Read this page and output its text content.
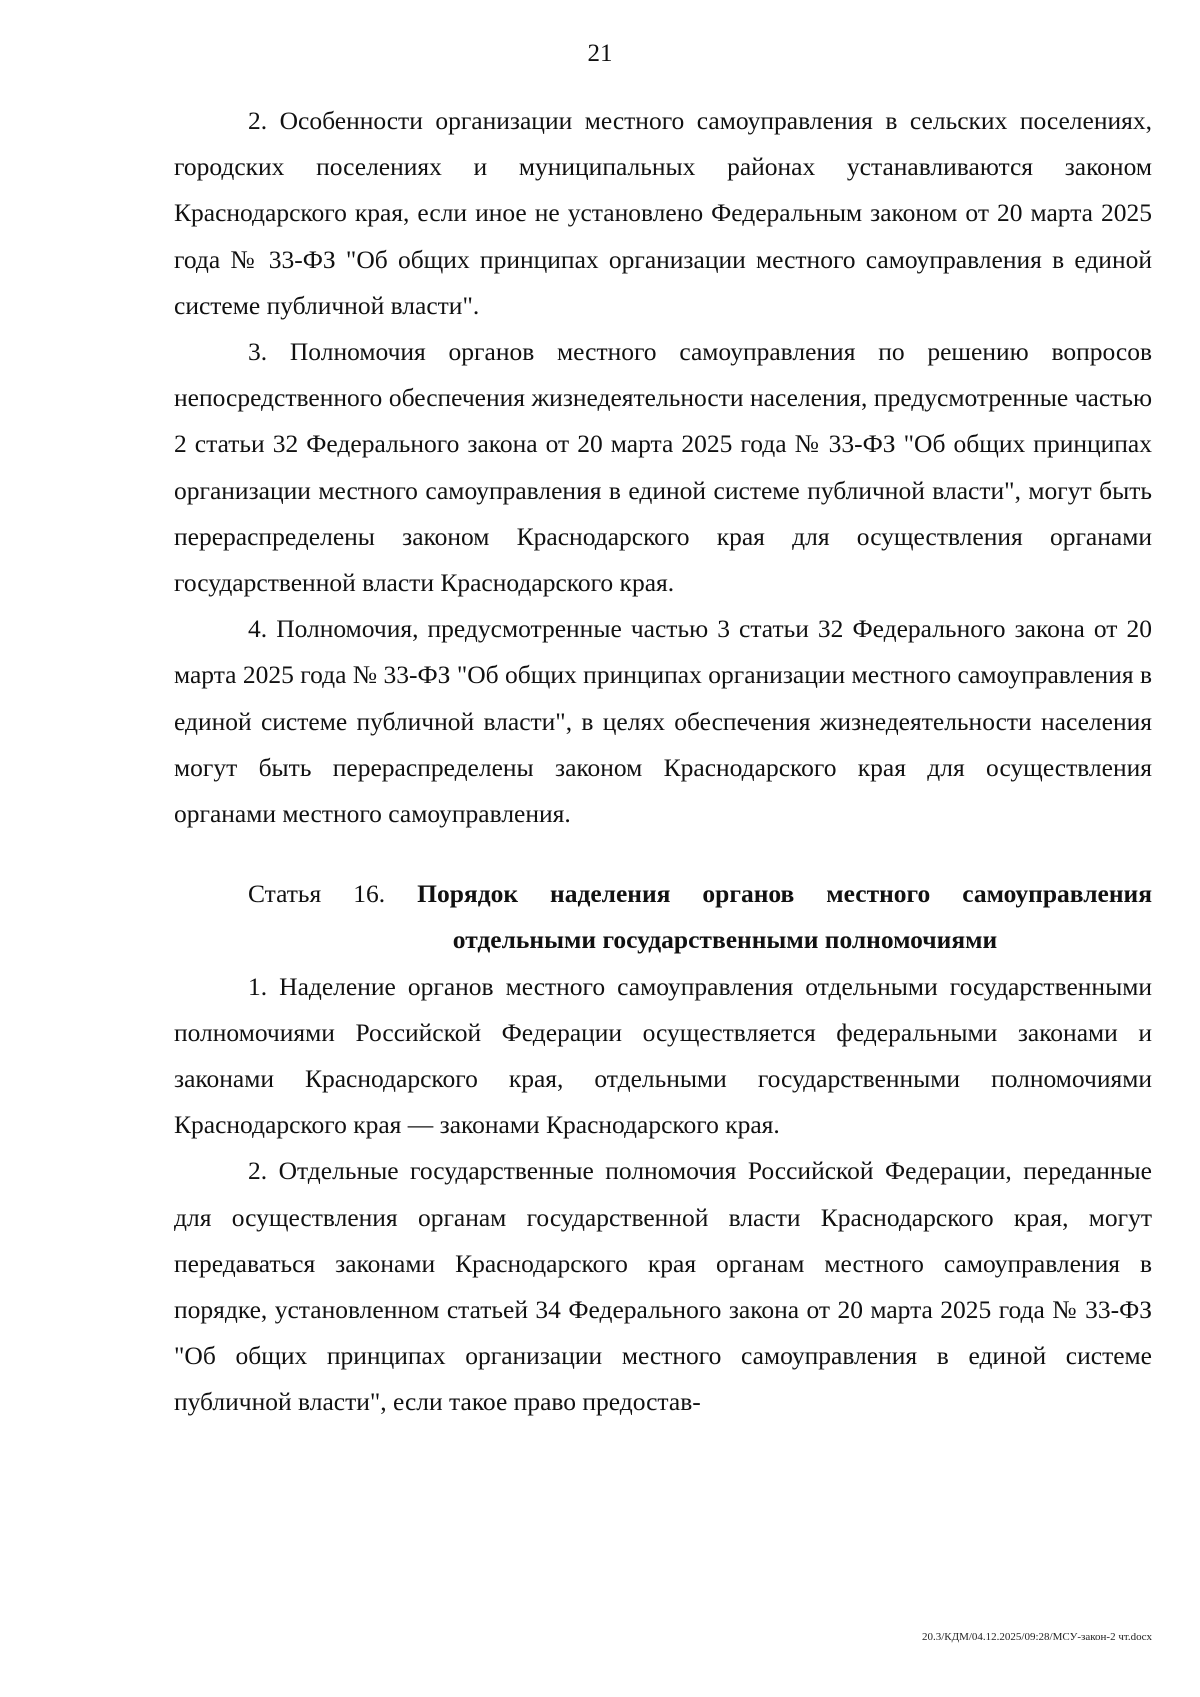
21

2. Особенности организации местного самоуправления в сельских поселениях, городских поселениях и муниципальных районах устанавливаются законом Краснодарского края, если иное не установлено Федеральным законом от 20 марта 2025 года № 33-ФЗ "Об общих принципах организации местного самоуправления в единой системе публичной власти".

3. Полномочия органов местного самоуправления по решению вопросов непосредственного обеспечения жизнедеятельности населения, предусмотренные частью 2 статьи 32 Федерального закона от 20 марта 2025 года № 33-ФЗ "Об общих принципах организации местного самоуправления в единой системе публичной власти", могут быть перераспределены законом Краснодарского края для осуществления органами государственной власти Краснодарского края.

4. Полномочия, предусмотренные частью 3 статьи 32 Федерального закона от 20 марта 2025 года № 33-ФЗ "Об общих принципах организации местного самоуправления в единой системе публичной власти", в целях обеспечения жизнедеятельности населения могут быть перераспределены законом Краснодарского края для осуществления органами местного самоуправления.

Статья 16. Порядок наделения органов местного самоуправления
отдельными государственными полномочиями

1. Наделение органов местного самоуправления отдельными государственными полномочиями Российской Федерации осуществляется федеральными законами и законами Краснодарского края, отдельными государственными полномочиями Краснодарского края — законами Краснодарского края.

2. Отдельные государственные полномочия Российской Федерации, переданные для осуществления органам государственной власти Краснодарского края, могут передаваться законами Краснодарского края органам местного самоуправления в порядке, установленном статьей 34 Федерального закона от 20 марта 2025 года № 33-ФЗ "Об общих принципах организации местного самоуправления в единой системе публичной власти", если такое право предостав-

20.3/КДМ/04.12.2025/09:28/МСУ-закон-2 чт.docx
